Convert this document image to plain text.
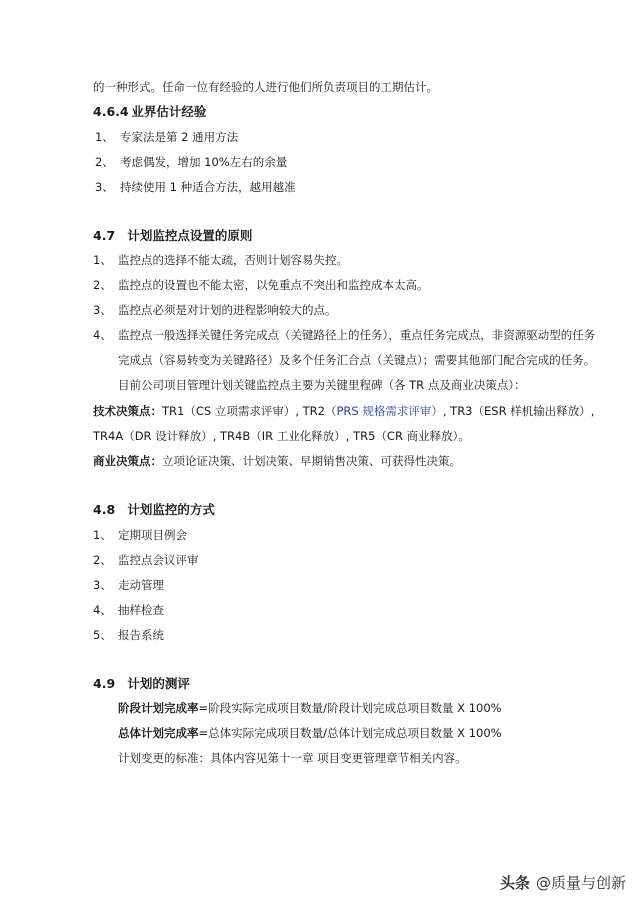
的一种形式。任命一位有经验的人进行他们所负责项目的工期估计。
4.6.4 业界估计经验
1、 专家法是第 2 通用方法
2、 考虑偶发，增加 10%左右的余量
3、 持续使用 1 种适合方法，越用越准
4.7 计划监控点设置的原则
1、 监控点的选择不能太疏，否则计划容易失控。
2、 监控点的设置也不能太密，以免重点不突出和监控成本太高。
3、 监控点必须是对计划的进程影响较大的点。
4、 监控点一般选择关键任务完成点（关键路径上的任务），重点任务完成点，非资源驱动型的任务
完成点（容易转变为关键路径）及多个任务汇合点（关键点）；需要其他部门配合完成的任务。
目前公司项目管理计划关键监控点主要为关键里程碑（各 TR 点及商业决策点）：
技术决策点：TR1（CS 立项需求评审）, TR2（PRS 规格需求评审）, TR3（ESR 样机输出释放）,
TR4A（DR 设计释放）, TR4B（IR 工业化释放）, TR5（CR 商业释放）。
商业决策点：立项论证决策、计划决策、早期销售决策、可获得性决策。
4.8 计划监控的方式
1、 定期项目例会
2、 监控点会议评审
3、 走动管理
4、 抽样检查
5、 报告系统
4.9 计划的测评
阶段计划完成率=阶段实际完成项目数量/阶段计划完成总项目数量 X 100%
总体计划完成率=总体实际完成项目数量/总体计划完成总项目数量 X 100%
计划变更的标准：具体内容见第十一章 项目变更管理章节相关内容。
头条 @质量与创新
